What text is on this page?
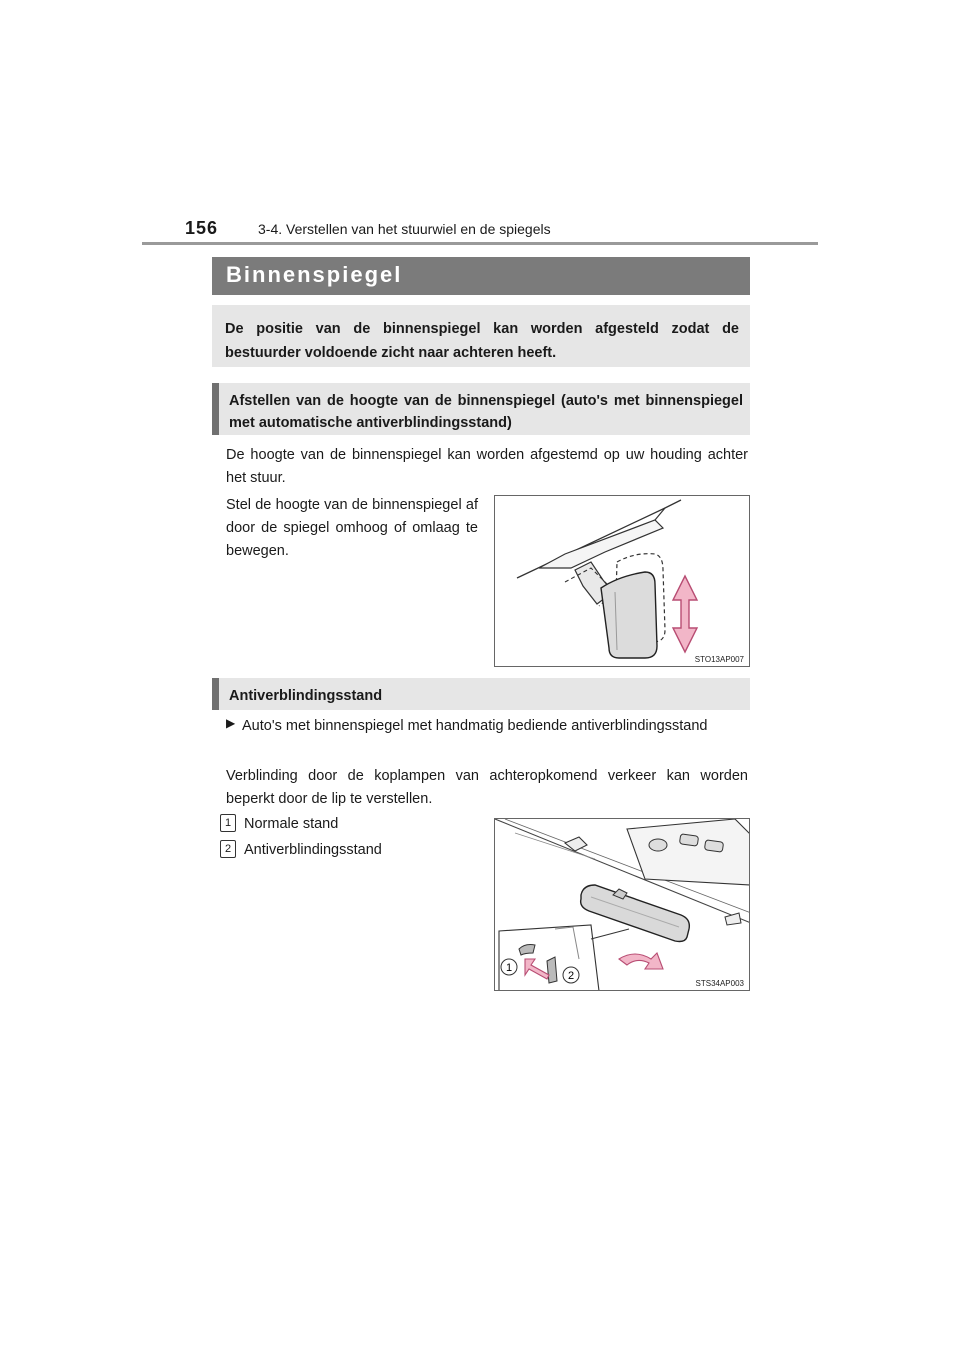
156	3-4. Verstellen van het stuurwiel en de spiegels
Binnenspiegel

De positie van de binnenspiegel kan worden afgesteld zodat de bestuurder voldoende zicht naar achteren heeft.

Afstellen van de hoogte van de binnenspiegel (auto's met binnenspiegel met automatische antiverblindingsstand)

De hoogte van de binnenspiegel kan worden afgestemd op uw houding achter het stuur.

Stel de hoogte van de binnenspiegel af door de spiegel omhoog of omlaag te bewegen.

STO13AP007

Antiverblindingsstand

▶ Auto's met binnenspiegel met handmatig bediende antiverblindingsstand

Verblinding door de koplampen van achteropkomend verkeer kan worden beperkt door de lip te verstellen.

1 Normale stand
2 Antiverblindingsstand
1
2
STS34AP003
